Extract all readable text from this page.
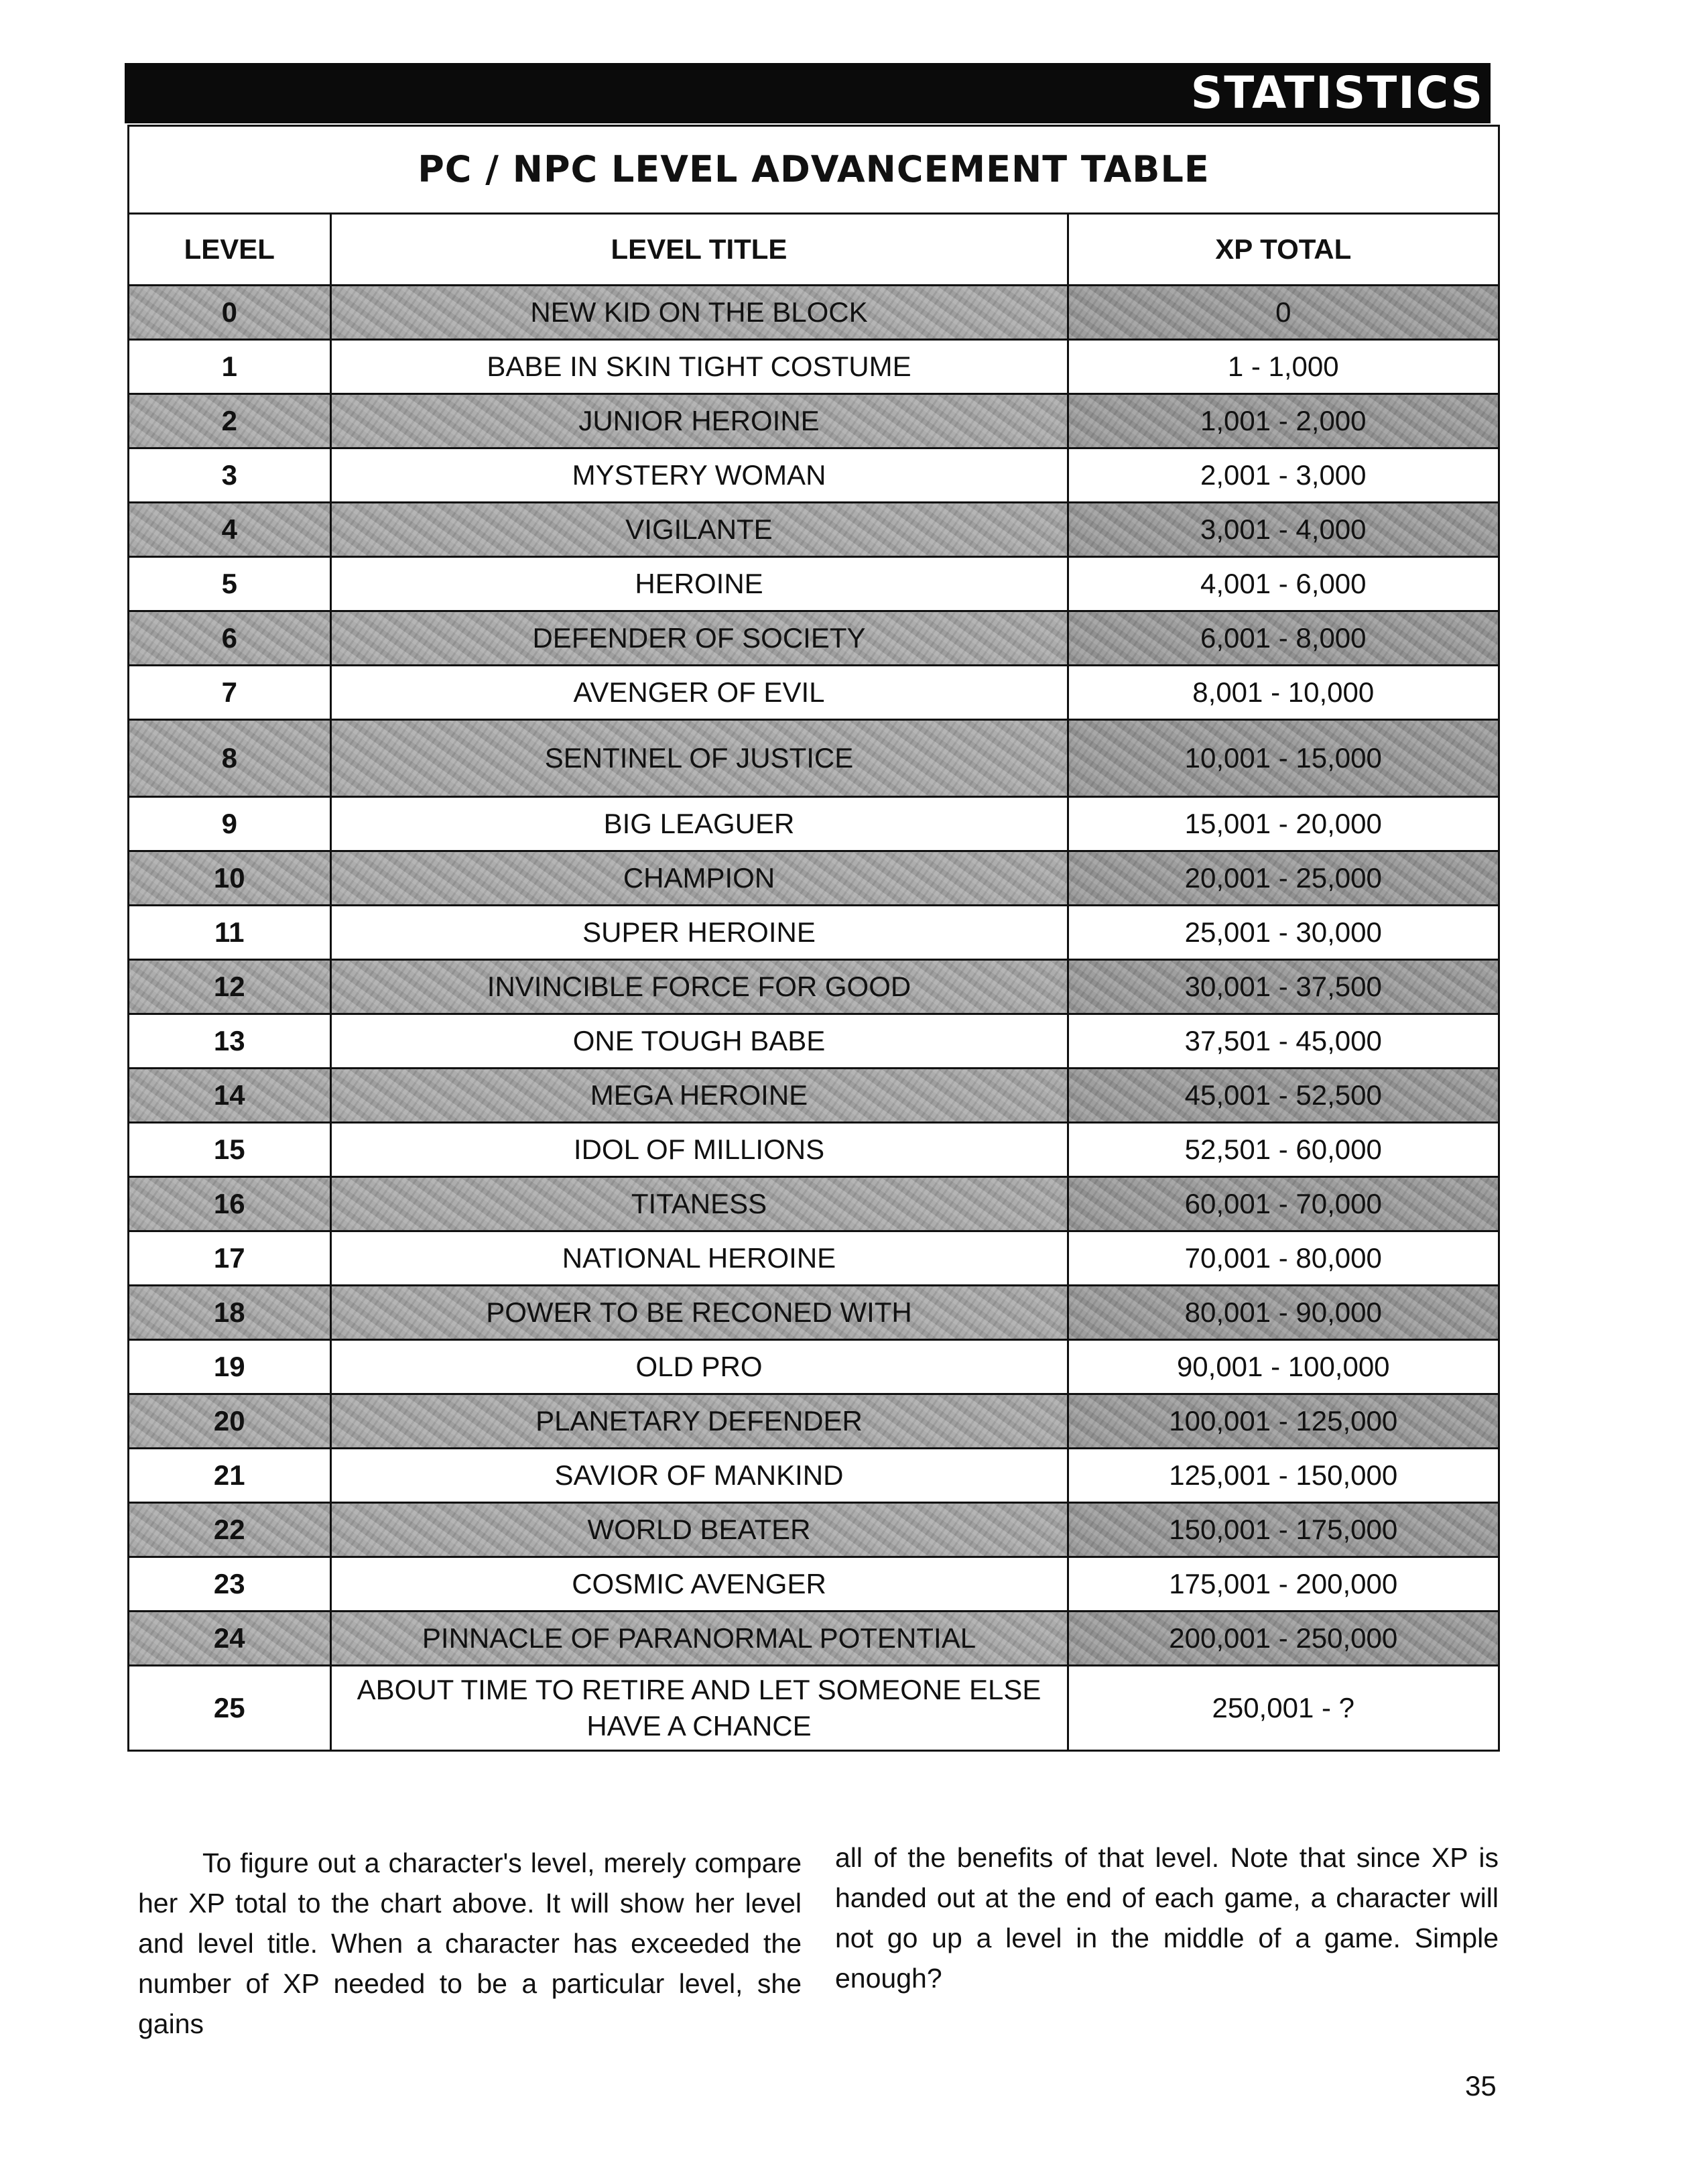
STATISTICS
PC / NPC LEVEL ADVANCEMENT TABLE
LEVEL	LEVEL TITLE	XP TOTAL
0	NEW KID ON THE BLOCK	0
1	BABE IN SKIN TIGHT COSTUME	1 - 1,000
2	JUNIOR HEROINE	1,001 - 2,000
3	MYSTERY WOMAN	2,001 - 3,000
4	VIGILANTE	3,001 - 4,000
5	HEROINE	4,001 - 6,000
6	DEFENDER OF SOCIETY	6,001 - 8,000
7	AVENGER OF EVIL	8,001 - 10,000
8	SENTINEL OF JUSTICE	10,001 - 15,000
9	BIG LEAGUER	15,001 - 20,000
10	CHAMPION	20,001 - 25,000
11	SUPER HEROINE	25,001 - 30,000
12	INVINCIBLE FORCE FOR GOOD	30,001 - 37,500
13	ONE TOUGH BABE	37,501 - 45,000
14	MEGA HEROINE	45,001 - 52,500
15	IDOL OF MILLIONS	52,501 - 60,000
16	TITANESS	60,001 - 70,000
17	NATIONAL HEROINE	70,001 - 80,000
18	POWER TO BE RECONED WITH	80,001 - 90,000
19	OLD PRO	90,001 - 100,000
20	PLANETARY DEFENDER	100,001 - 125,000
21	SAVIOR OF MANKIND	125,001 - 150,000
22	WORLD BEATER	150,001 - 175,000
23	COSMIC AVENGER	175,001 - 200,000
24	PINNACLE OF PARANORMAL POTENTIAL	200,001 - 250,000
25	ABOUT TIME TO RETIRE AND LET SOMEONE ELSE
HAVE A CHANCE	250,001 - ?

To figure out a character's level, merely compare her XP total to the chart above. It will show her level and level title. When a character has exceeded the number of XP needed to be a particular level, she gains

all of the benefits of that level. Note that since XP is handed out at the end of each game, a character will not go up a level in the middle of a game. Simple enough?

35
